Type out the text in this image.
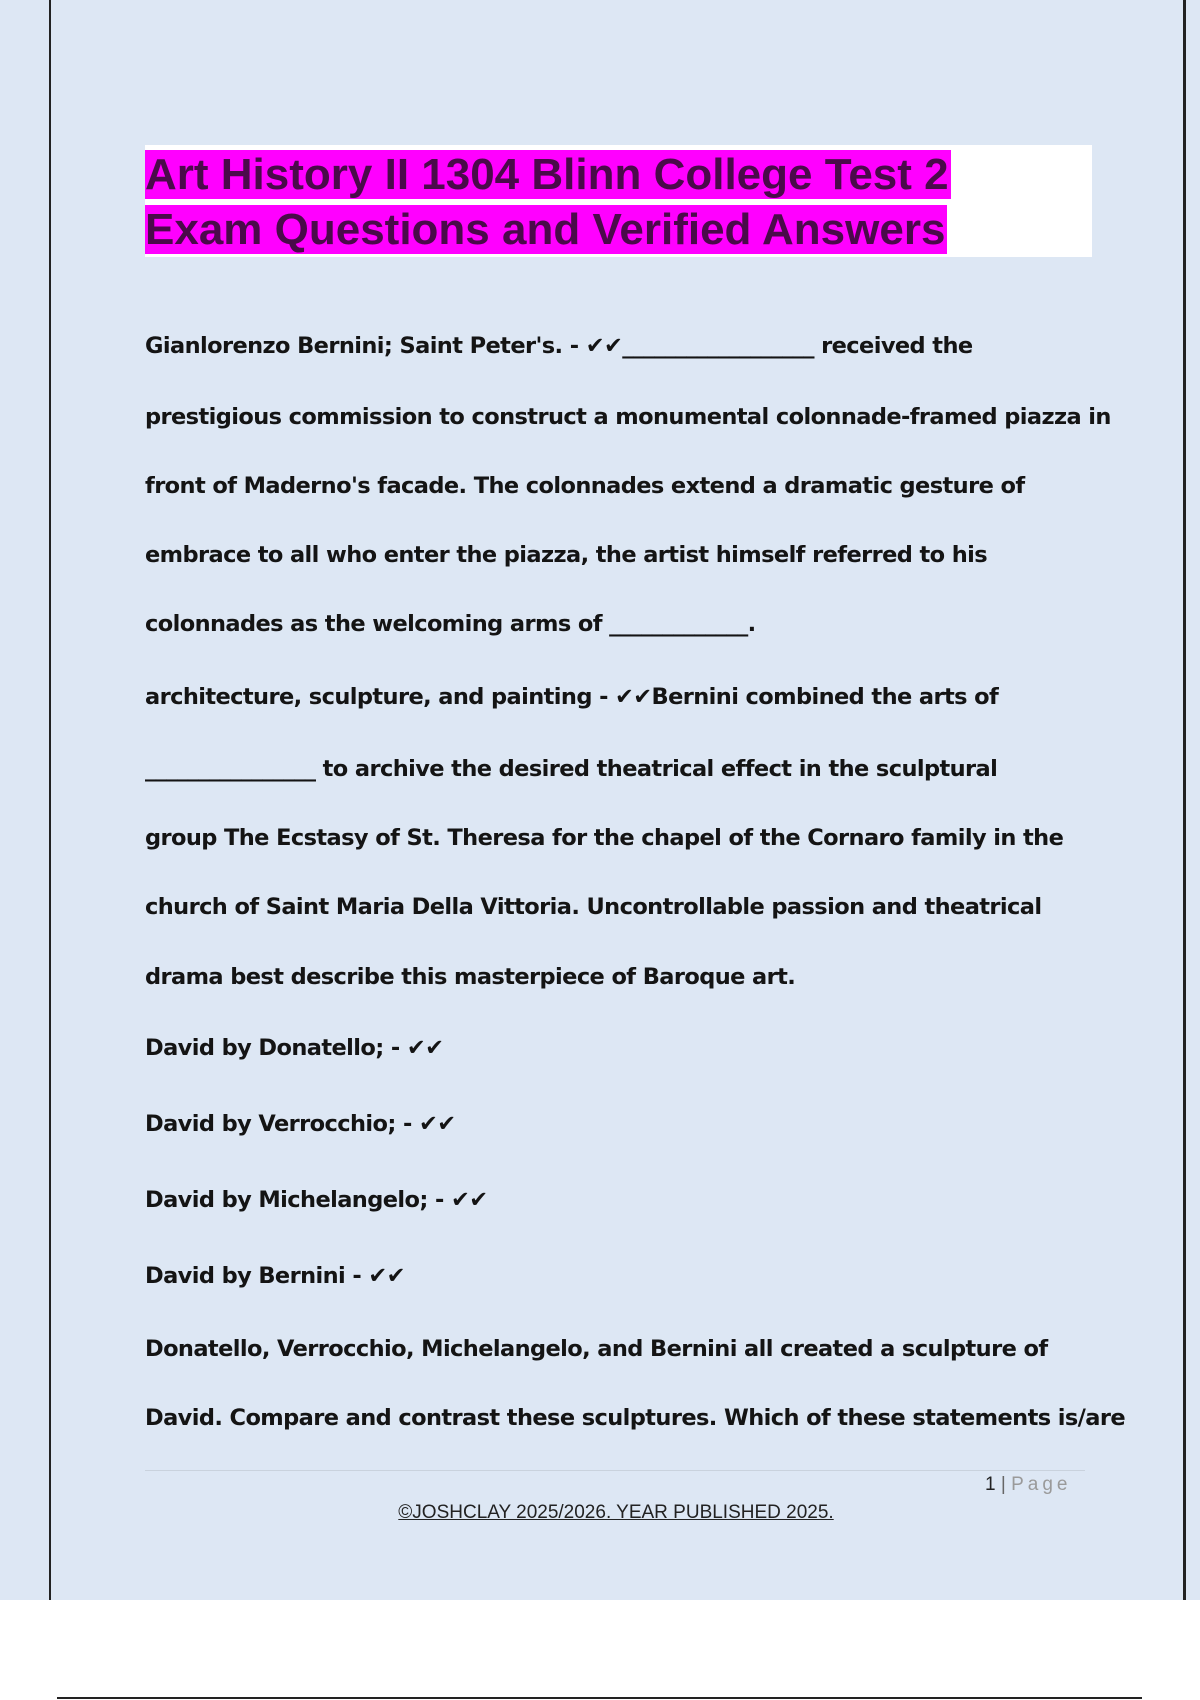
Art History II 1304 Blinn College Test 2
Exam Questions and Verified Answers
Gianlorenzo Bernini; Saint Peter's. - ✔✔__________________ received the
prestigious commission to construct a monumental colonnade-framed piazza in
front of Maderno's facade. The colonnades extend a dramatic gesture of
embrace to all who enter the piazza, the artist himself referred to his
colonnades as the welcoming arms of _____________.
architecture, sculpture, and painting - ✔✔Bernini combined the arts of
________________ to archive the desired theatrical effect in the sculptural
group The Ecstasy of St. Theresa for the chapel of the Cornaro family in the
church of Saint Maria Della Vittoria. Uncontrollable passion and theatrical
drama best describe this masterpiece of Baroque art.
David by Donatello; - ✔✔
David by Verrocchio; - ✔✔
David by Michelangelo; - ✔✔
David by Bernini - ✔✔
Donatello, Verrocchio, Michelangelo, and Bernini all created a sculpture of
David. Compare and contrast these sculptures. Which of these statements is/are
1 | Page
©JOSHCLAY 2025/2026. YEAR PUBLISHED 2025.
